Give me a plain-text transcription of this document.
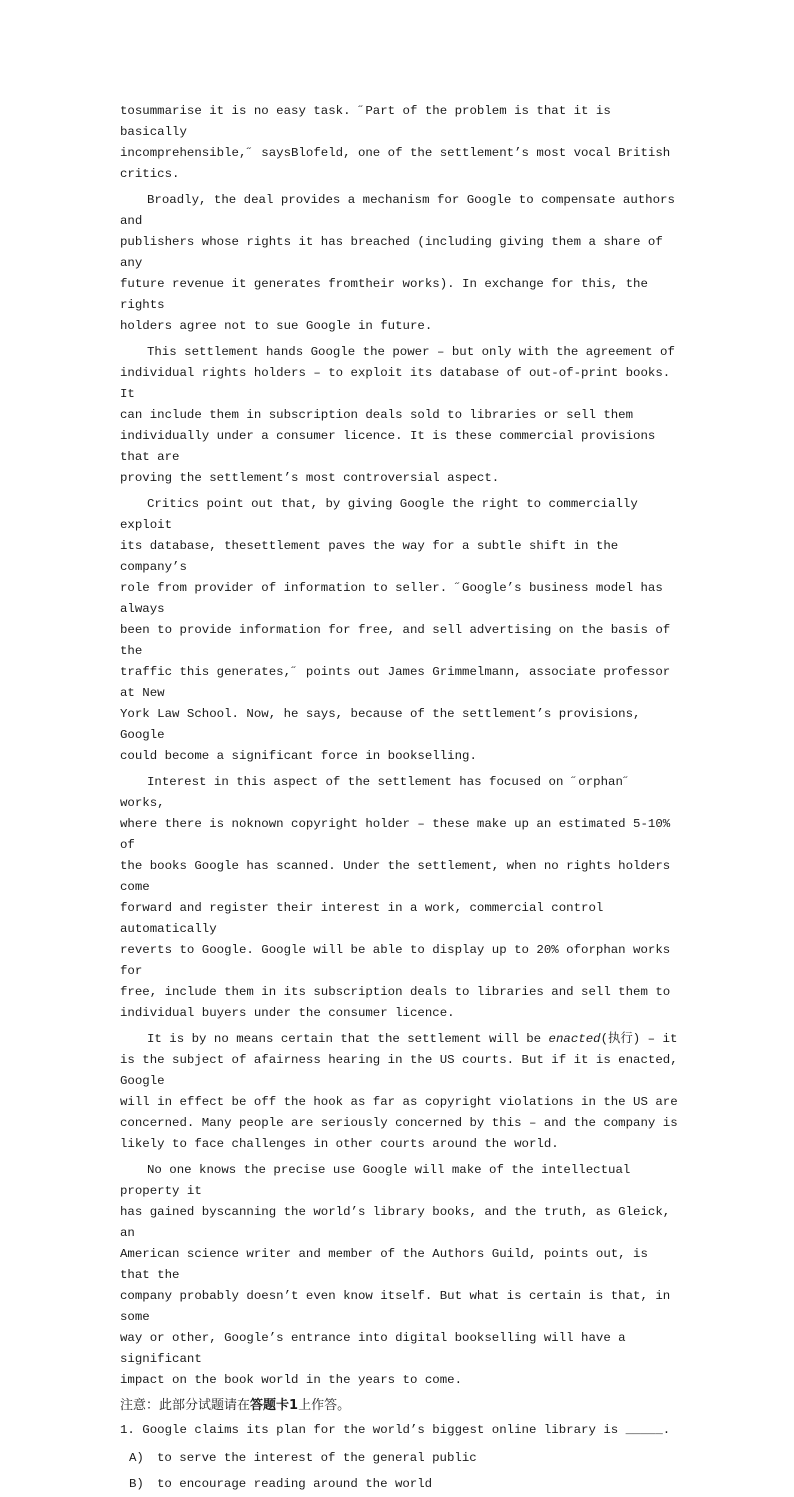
tosummarise it is no easy task. ˝Part of the problem is that it is basically
incomprehensible,˝ saysBlofeld, one of the settlement’s most vocal British
critics.

Broadly, the deal provides a mechanism for Google to compensate authors and
publishers whose rights it has breached (including giving them a share of any
future revenue it generates fromtheir works). In exchange for this, the rights
holders agree not to sue Google in future.

This settlement hands Google the power – but only with the agreement of
individual rights holders – to exploit its database of out-of-print books. It
can include them in subscription deals sold to libraries or sell them
individually under a consumer licence. It is these commercial provisions that are
proving the settlement’s most controversial aspect.

Critics point out that, by giving Google the right to commercially exploit
its database, thesettlement paves the way for a subtle shift in the company’s
role from provider of information to seller. ˝Google’s business model has always
been to provide information for free, and sell advertising on the basis of the
traffic this generates,˝ points out James Grimmelmann, associate professor at New
York Law School. Now, he says, because of the settlement’s provisions, Google
could become a significant force in bookselling.

Interest in this aspect of the settlement has focused on ˝orphan˝ works,
where there is noknown copyright holder – these make up an estimated 5-10% of
the books Google has scanned. Under the settlement, when no rights holders come
forward and register their interest in a work, commercial control automatically
reverts to Google. Google will be able to display up to 20% oforphan works for
free, include them in its subscription deals to libraries and sell them to
individual buyers under the consumer licence.

It is by no means certain that the settlement will be enacted(执行) – it
is the subject of afairness hearing in the US courts. But if it is enacted, Google
will in effect be off the hook as far as copyright violations in the US are
concerned. Many people are seriously concerned by this – and the company is
likely to face challenges in other courts around the world.

No one knows the precise use Google will make of the intellectual property it
has gained byscanning the world’s library books, and the truth, as Gleick, an
American science writer and member of the Authors Guild, points out, is that the
company probably doesn’t even know itself. But what is certain is that, in some
way or other, Google’s entrance into digital bookselling will have a significant
impact on the book world in the years to come.

注意：此部分试题请在答题卡1上作答。
1. Google claims its plan for the world’s biggest online library is _____.
A) to serve the interest of the general public
B) to encourage reading around the world
